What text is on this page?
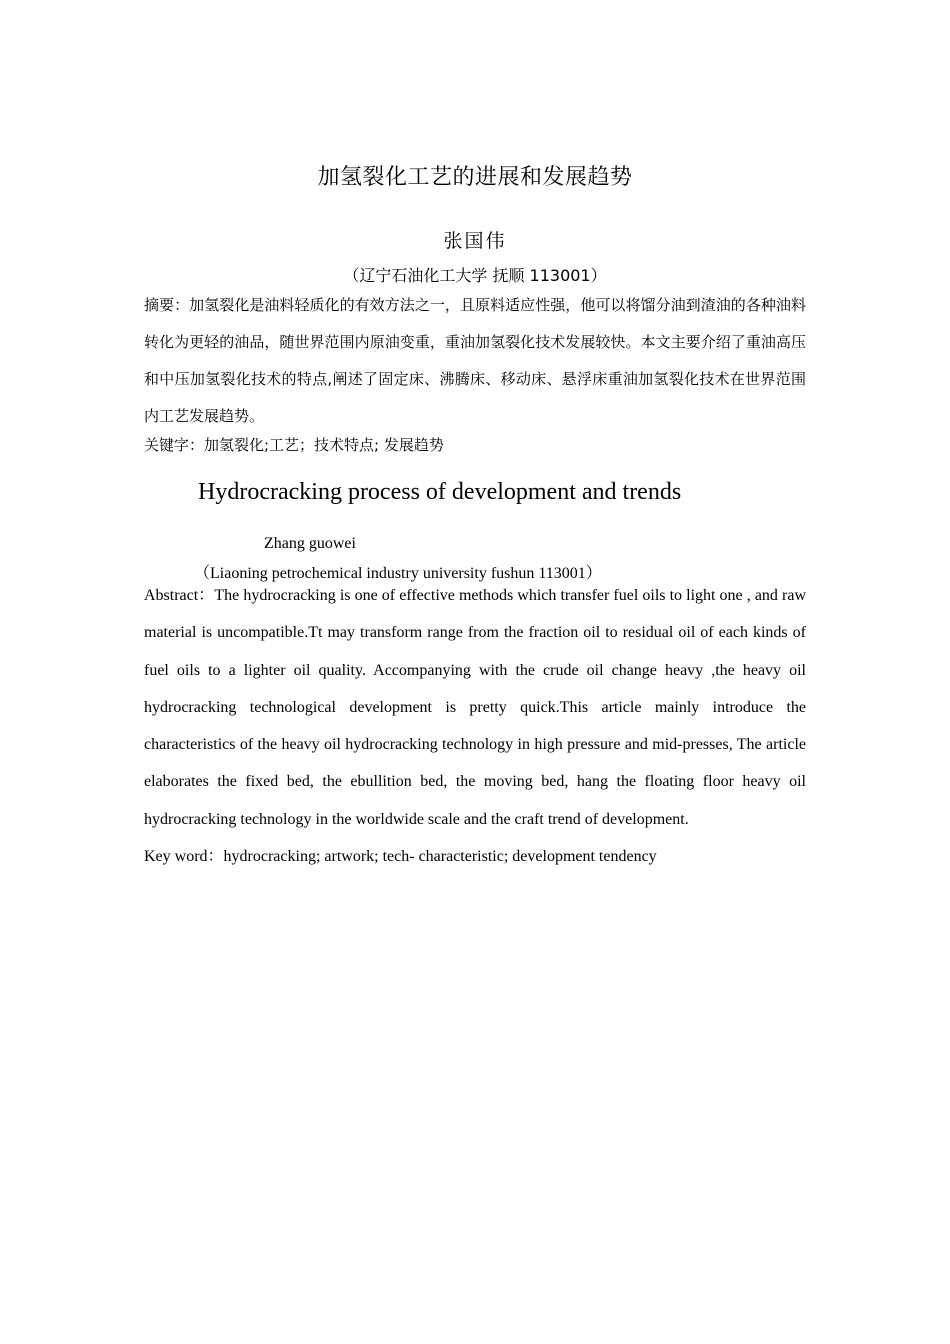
加氢裂化工艺的进展和发展趋势
张国伟
（辽宁石油化工大学 抚顺 113001）

摘要：加氢裂化是油料轻质化的有效方法之一，且原料适应性强，他可以将馏分油到渣油的各种油料转化为更轻的油品，随世界范围内原油变重，重油加氢裂化技术发展较快。本文主要介绍了重油高压和中压加氢裂化技术的特点,阐述了固定床、沸腾床、移动床、悬浮床重油加氢裂化技术在世界范围内工艺发展趋势。

关键字：加氢裂化;工艺；技术特点; 发展趋势

Hydrocracking process of development and trends
Zhang guowei
（Liaoning petrochemical industry university fushun 113001）

Abstract：The hydrocracking is one of effective methods which transfer fuel oils to light one , and raw material is uncompatible.Tt may transform range from the fraction oil to residual oil of each kinds of fuel oils to a lighter oil quality. Accompanying with the crude oil change heavy ,the heavy oil hydrocracking technological development is pretty quick.This article mainly introduce the characteristics of the heavy oil hydrocracking technology in high pressure and mid-presses, The article elaborates the fixed bed, the ebullition bed, the moving bed, hang the floating floor heavy oil hydrocracking technology in the worldwide scale and the craft trend of development.

Key word：hydrocracking; artwork; tech- characteristic; development tendency
